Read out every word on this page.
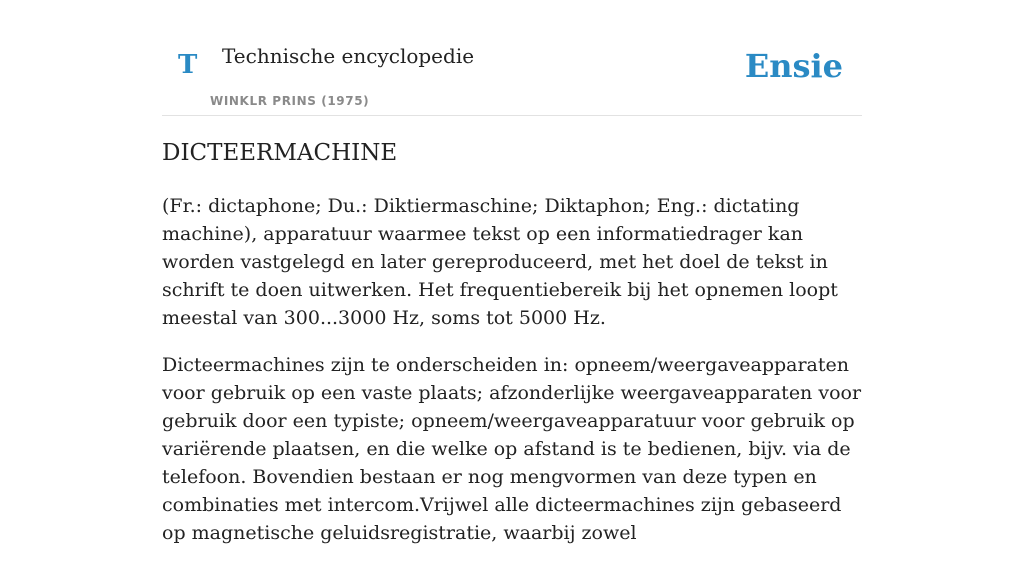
T Technische encyclopedie
WINKLR PRINS (1975)
Ensie
DICTEERMACHINE

(Fr.: dictaphone; Du.: Diktiermaschine; Diktaphon; Eng.: dictating machine), apparatuur waarmee tekst op een informatiedrager kan worden vastgelegd en later gereproduceerd, met het doel de tekst in schrift te doen uitwerken. Het frequentiebereik bij het opnemen loopt meestal van 300...3000 Hz, soms tot 5000 Hz.

Dicteermachines zijn te onderscheiden in: opneem/weergaveapparaten voor gebruik op een vaste plaats; afzonderlijke weergaveapparaten voor gebruik door een typiste; opneem/weergaveapparatuur voor gebruik op variërende plaatsen, en die welke op afstand is te bedienen, bijv. via de telefoon. Bovendien bestaan er nog mengvormen van deze typen en combinaties met intercom.Vrijwel alle dicteermachines zijn gebaseerd op magnetische geluidsregistratie, waarbij zowel
